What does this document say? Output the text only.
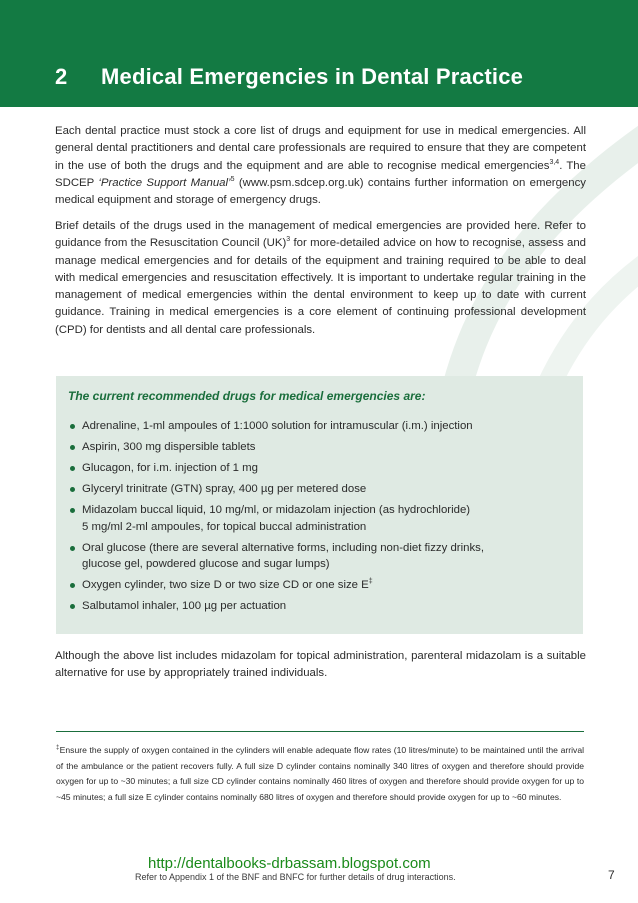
2 Medical Emergencies in Dental Practice

Each dental practice must stock a core list of drugs and equipment for use in medical emergencies. All general dental practitioners and dental care professionals are required to ensure that they are competent in the use of both the drugs and the equipment and are able to recognise medical emergencies$^{3,4}$. The SDCEP ‘Practice Support Manual’$^5$ (www.psm.sdcep.org.uk) contains further information on emergency medical equipment and storage of emergency drugs.

Brief details of the drugs used in the management of medical emergencies are provided here. Refer to guidance from the Resuscitation Council (UK)$^3$ for more-detailed advice on how to recognise, assess and manage medical emergencies and for details of the equipment and training required to be able to deal with medical emergencies and resuscitation effectively. It is important to undertake regular training in the management of medical emergencies within the dental environment to keep up to date with current guidance. Training in medical emergencies is a core element of continuing professional development (CPD) for dentists and all dental care professionals.

The current recommended drugs for medical emergencies are:

Adrenaline, 1-ml ampoules of 1:1000 solution for intramuscular (i.m.) injection
Aspirin, 300 mg dispersible tablets
Glucagon, for i.m. injection of 1 mg
Glyceryl trinitrate (GTN) spray, 400 µg per metered dose
Midazolam buccal liquid, 10 mg/ml, or midazolam injection (as hydrochloride)
5 mg/ml 2-ml ampoules, for topical buccal administration
Oral glucose (there are several alternative forms, including non-diet fizzy drinks,
glucose gel, powdered glucose and sugar lumps)
Oxygen cylinder, two size D or two size CD or one size E‡
Salbutamol inhaler, 100 µg per actuation

Although the above list includes midazolam for topical administration, parenteral midazolam is a suitable alternative for use by appropriately trained individuals.

‡Ensure the supply of oxygen contained in the cylinders will enable adequate flow rates (10 litres/minute) to be maintained until the arrival of the ambulance or the patient recovers fully. A full size D cylinder contains nominally 340 litres of oxygen and therefore should provide oxygen for up to ~30 minutes; a full size CD cylinder contains nominally 460 litres of oxygen and therefore should provide oxygen for up to ~45 minutes; a full size E cylinder contains nominally 680 litres of oxygen and therefore should provide oxygen for up to ~60 minutes.

http://dentalbooks-drbassam.blogspot.com

Refer to Appendix 1 of the BNF and BNFC for further details of drug interactions.	7
